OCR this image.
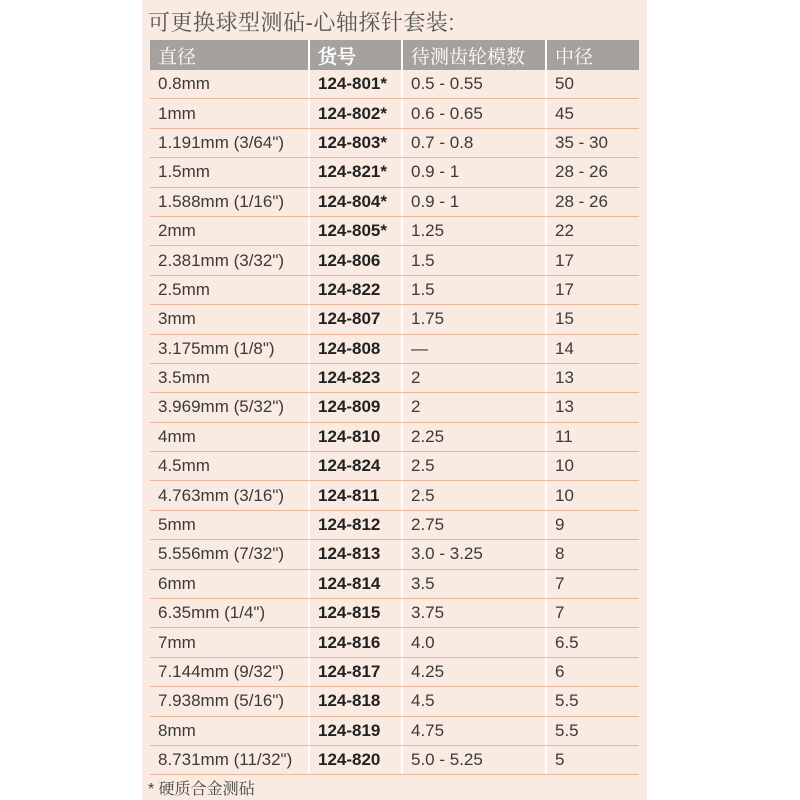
可更换球型测砧-心轴探针套装:
直径	货号	待测齿轮模数	中径
0.8mm	124-801*	0.5 - 0.55	50
1mm	124-802*	0.6 - 0.65	45
1.191mm (3/64")	124-803*	0.7 - 0.8	35 - 30
1.5mm	124-821*	0.9 - 1	28 - 26
1.588mm (1/16")	124-804*	0.9 - 1	28 - 26
2mm	124-805*	1.25	22
2.381mm (3/32")	124-806	1.5	17
2.5mm	124-822	1.5	17
3mm	124-807	1.75	15
3.175mm (1/8")	124-808	—	14
3.5mm	124-823	2	13
3.969mm (5/32")	124-809	2	13
4mm	124-810	2.25	11
4.5mm	124-824	2.5	10
4.763mm (3/16")	124-811	2.5	10
5mm	124-812	2.75	9
5.556mm (7/32")	124-813	3.0 - 3.25	8
6mm	124-814	3.5	7
6.35mm (1/4")	124-815	3.75	7
7mm	124-816	4.0	6.5
7.144mm (9/32")	124-817	4.25	6
7.938mm (5/16")	124-818	4.5	5.5
8mm	124-819	4.75	5.5
8.731mm (11/32")	124-820	5.0 - 5.25	5
* 硬质合金测砧
